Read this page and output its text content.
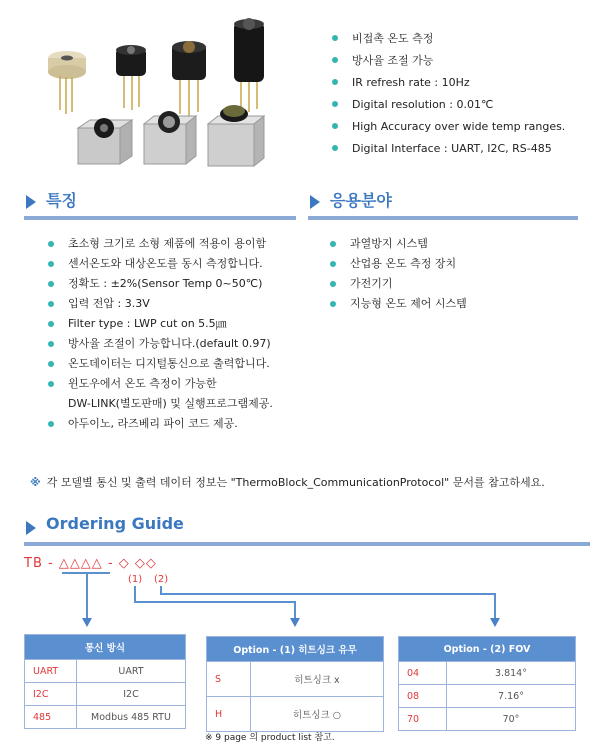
비접촉 온도 측정
방사율 조절 가능
IR refresh rate : 10Hz
Digital resolution : 0.01℃
High Accuracy over wide temp ranges.
Digital Interface : UART, I2C, RS-485
특징
초소형 크기로 소형 제품에 적용이 용이함
센서온도와 대상온도를 동시 측정합니다.
정확도 : ±2%(Sensor Temp 0~50℃)
입력 전압 : 3.3V
Filter type : LWP cut on 5.5㎛
방사율 조절이 가능합니다.(default 0.97)
온도데이터는 디지털통신으로 출력합니다.
윈도우에서 온도 측정이 가능한
DW-LINK(별도판매) 및 실행프로그램제공.
아두이노, 라즈베리 파이 코드 제공.
응용분야
과열방지 시스템
산업용 온도 측정 장치
가전기기
지능형 온도 제어 시스템
※ 각 모델별 통신 및 출력 데이터 정보는 "ThermoBlock_CommunicationProtocol" 문서를 참고하세요.
Ordering Guide
TB - △△△△ - ◇ ◇◇
(1) (2)
통신 방식	
UART	UART
I2C	I2C
485	Modbus 485 RTU
Option - (1) 히트싱크 유무	
S	히트싱크 x
H	히트싱크 ○
※ 9 page 의 product list 참고.
Option - (2) FOV	
04	3.814°
08	7.16°
70	70°
